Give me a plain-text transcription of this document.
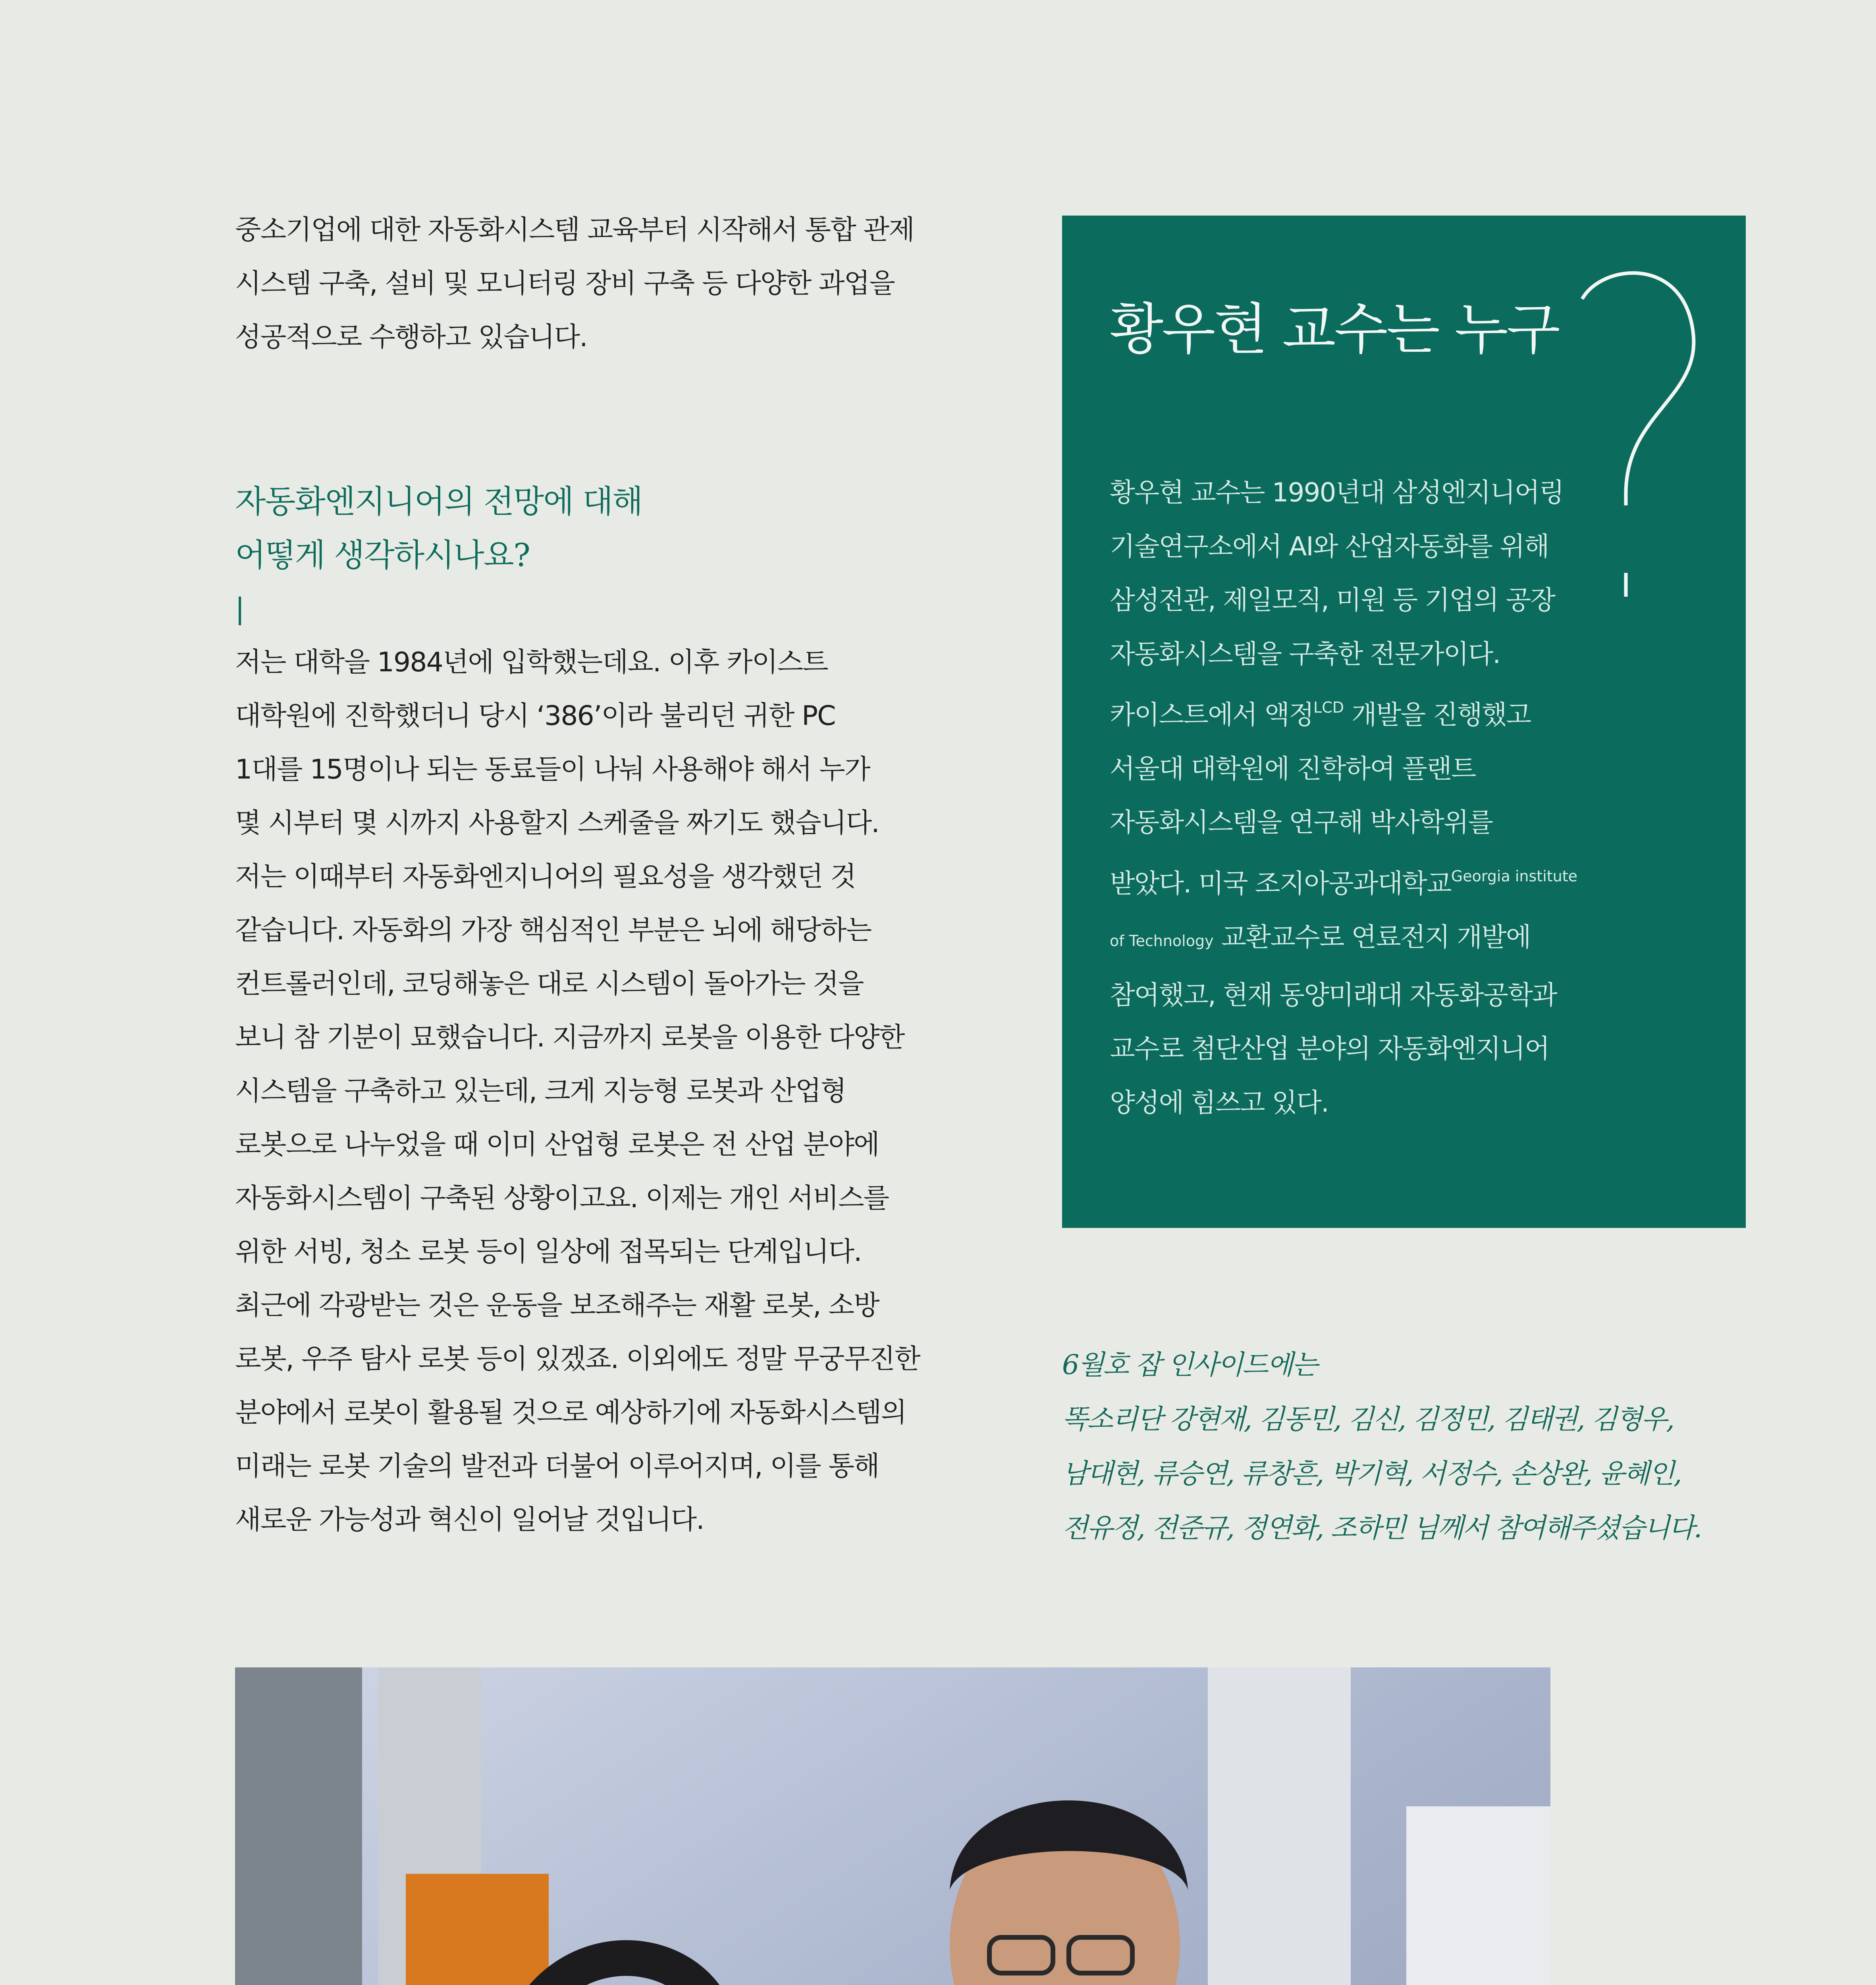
중소기업에 대한 자동화시스템 교육부터 시작해서 통합 관제

시스템 구축, 설비 및 모니터링 장비 구축 등 다양한 과업을

성공적으로 수행하고 있습니다.

자동화엔지니어의 전망에 대해
어떻게 생각하시나요?
|

저는 대학을 1984년에 입학했는데요. 이후 카이스트

대학원에 진학했더니 당시 ‘386’이라 불리던 귀한 PC

1대를 15명이나 되는 동료들이 나눠 사용해야 해서 누가

몇 시부터 몇 시까지 사용할지 스케줄을 짜기도 했습니다.

저는 이때부터 자동화엔지니어의 필요성을 생각했던 것

같습니다. 자동화의 가장 핵심적인 부분은 뇌에 해당하는

컨트롤러인데, 코딩해놓은 대로 시스템이 돌아가는 것을

보니 참 기분이 묘했습니다. 지금까지 로봇을 이용한 다양한

시스템을 구축하고 있는데, 크게 지능형 로봇과 산업형

로봇으로 나누었을 때 이미 산업형 로봇은 전 산업 분야에

자동화시스템이 구축된 상황이고요. 이제는 개인 서비스를

위한 서빙, 청소 로봇 등이 일상에 접목되는 단계입니다.

최근에 각광받는 것은 운동을 보조해주는 재활 로봇, 소방

로봇, 우주 탐사 로봇 등이 있겠죠. 이외에도 정말 무궁무진한

분야에서 로봇이 활용될 것으로 예상하기에 자동화시스템의

미래는 로봇 기술의 발전과 더불어 이루어지며, 이를 통해

새로운 가능성과 혁신이 일어날 것입니다.

황우현 교수는 누구

황우현 교수는 1990년대 삼성엔지니어링

기술연구소에서 AI와 산업자동화를 위해

삼성전관, 제일모직, 미원 등 기업의 공장

자동화시스템을 구축한 전문가이다.

카이스트에서 액정$^{LCD}$ 개발을 진행했고

서울대 대학원에 진학하여 플랜트

자동화시스템을 연구해 박사학위를

받았다. 미국 조지아공과대학교$^{Georgia institute}$

of Technology 교환교수로 연료전지 개발에

참여했고, 현재 동양미래대 자동화공학과

교수로 첨단산업 분야의 자동화엔지니어

양성에 힘쓰고 있다.

6월호 잡 인사이드에는
똑소리단 강현재, 김동민, 김신, 김정민, 김태권, 김형우,
남대현, 류승연, 류창흔, 박기혁, 서정수, 손상완, 윤혜인,
전유정, 전준규, 정연화, 조하민 님께서 참여해주셨습니다.
